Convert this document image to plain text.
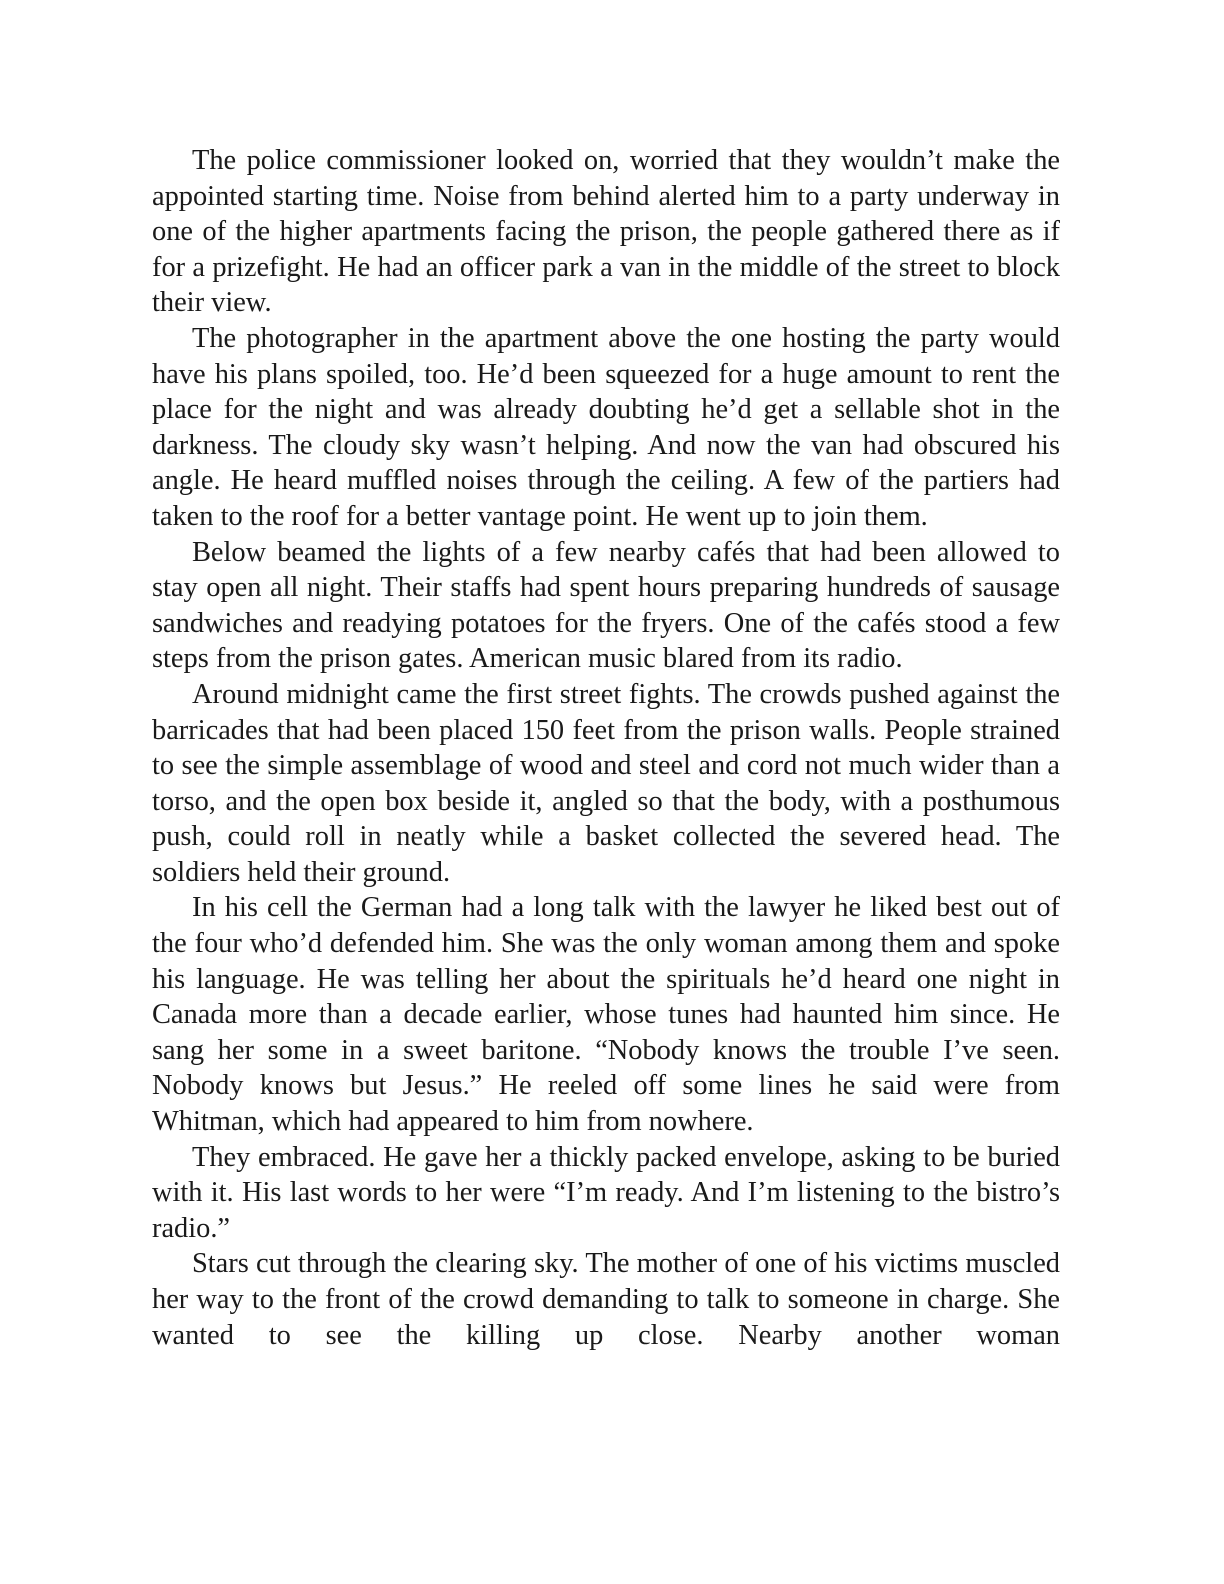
The police commissioner looked on, worried that they wouldn’t make the appointed starting time. Noise from behind alerted him to a party underway in one of the higher apartments facing the prison, the people gathered there as if for a prizefight. He had an officer park a van in the middle of the street to block their view.

The photographer in the apartment above the one hosting the party would have his plans spoiled, too. He’d been squeezed for a huge amount to rent the place for the night and was already doubting he’d get a sellable shot in the darkness. The cloudy sky wasn’t helping. And now the van had obscured his angle. He heard muffled noises through the ceiling. A few of the partiers had taken to the roof for a better vantage point. He went up to join them.

Below beamed the lights of a few nearby cafés that had been allowed to stay open all night. Their staffs had spent hours preparing hundreds of sausage sandwiches and readying potatoes for the fryers. One of the cafés stood a few steps from the prison gates. American music blared from its radio.

Around midnight came the first street fights. The crowds pushed against the barricades that had been placed 150 feet from the prison walls. People strained to see the simple assemblage of wood and steel and cord not much wider than a torso, and the open box beside it, angled so that the body, with a posthumous push, could roll in neatly while a basket collected the severed head. The soldiers held their ground.

In his cell the German had a long talk with the lawyer he liked best out of the four who’d defended him. She was the only woman among them and spoke his language. He was telling her about the spirituals he’d heard one night in Canada more than a decade earlier, whose tunes had haunted him since. He sang her some in a sweet baritone. “Nobody knows the trouble I’ve seen. Nobody knows but Jesus.” He reeled off some lines he said were from Whitman, which had appeared to him from nowhere.

They embraced. He gave her a thickly packed envelope, asking to be buried with it. His last words to her were “I’m ready. And I’m listening to the bistro’s radio.”

Stars cut through the clearing sky. The mother of one of his victims muscled her way to the front of the crowd demanding to talk to someone in charge. She wanted to see the killing up close. Nearby another woman
